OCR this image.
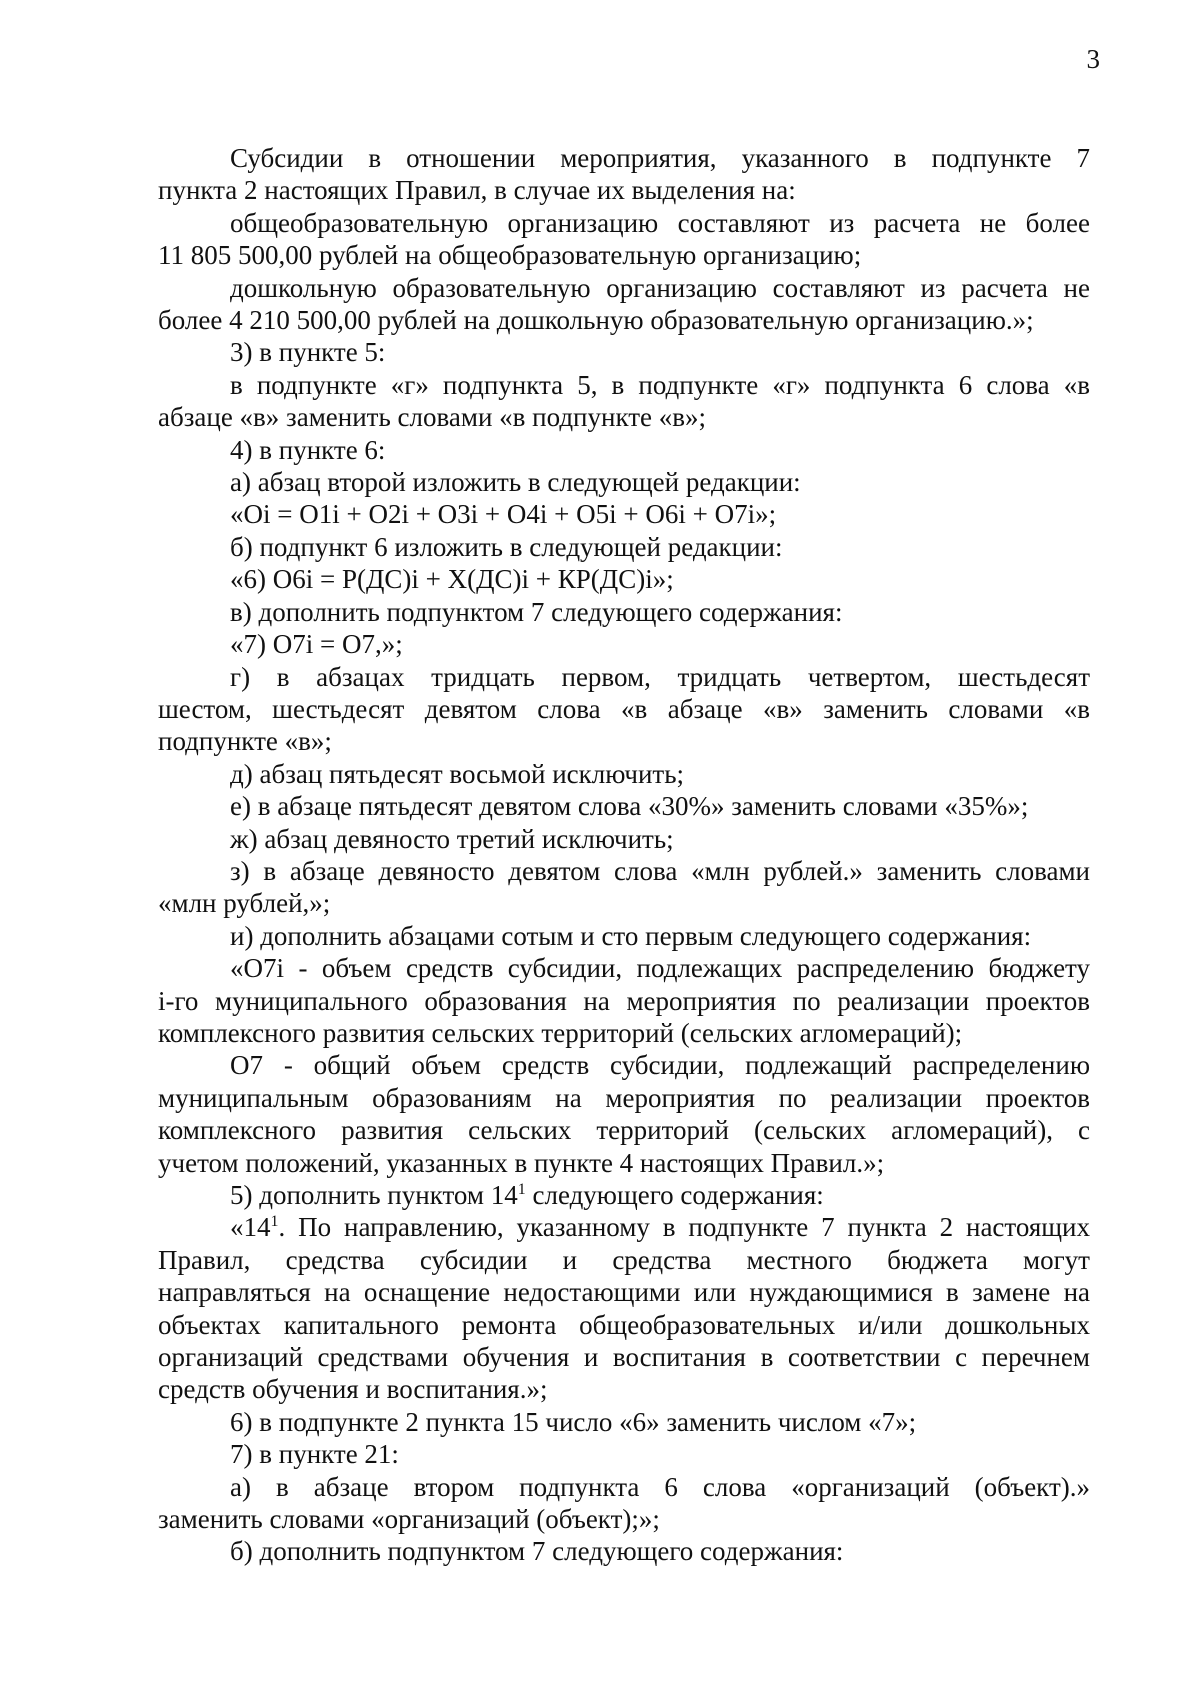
3

Субсидии в отношении мероприятия, указанного в подпункте 7
пункта 2 настоящих Правил, в случае их выделения на:

общеобразовательную организацию составляют из расчета не более
11 805 500,00 рублей на общеобразовательную организацию;

дошкольную образовательную организацию составляют из расчета не
более 4 210 500,00 рублей на дошкольную образовательную организацию.»;

3) в пункте 5:

в подпункте «г» подпункта 5, в подпункте «г» подпункта 6 слова «в
абзаце «в» заменить словами «в подпункте «в»;

4) в пункте 6:

а) абзац второй изложить в следующей редакции:

«Оi = О1i + О2i + О3i + О4i + О5i + О6i + О7i»;

б) подпункт 6 изложить в следующей редакции:

«6) О6i = Р(ДС)i + Х(ДС)i + КР(ДС)i»;

в) дополнить подпунктом 7 следующего содержания:

«7) О7i = О7,»;

г) в абзацах тридцать первом, тридцать четвертом, шестьдесят
шестом, шестьдесят девятом слова «в абзаце «в» заменить словами «в
подпункте «в»;

д) абзац пятьдесят восьмой исключить;

е) в абзаце пятьдесят девятом слова «30%» заменить словами «35%»;

ж) абзац девяносто третий исключить;

з) в абзаце девяносто девятом слова «млн рублей.» заменить словами
«млн рублей,»;

и) дополнить абзацами сотым и сто первым следующего содержания:

«О7i - объем средств субсидии, подлежащих распределению бюджету
i-го муниципального образования на мероприятия по реализации проектов
комплексного развития сельских территорий (сельских агломераций);

О7 - общий объем средств субсидии, подлежащий распределению
муниципальным образованиям на мероприятия по реализации проектов
комплексного развития сельских территорий (сельских агломераций), с
учетом положений, указанных в пункте 4 настоящих Правил.»;

5) дополнить пунктом $14^1$ следующего содержания:

«$14^1$. По направлению, указанному в подпункте 7 пункта 2 настоящих
Правил, средства субсидии и средства местного бюджета могут
направляться на оснащение недостающими или нуждающимися в замене на
объектах капитального ремонта общеобразовательных и/или дошкольных
организаций средствами обучения и воспитания в соответствии с перечнем
средств обучения и воспитания.»;

6) в подпункте 2 пункта 15 число «6» заменить числом «7»;

7) в пункте 21:

а) в абзаце втором подпункта 6 слова «организаций (объект).»
заменить словами «организаций (объект);»;

б) дополнить подпунктом 7 следующего содержания:
